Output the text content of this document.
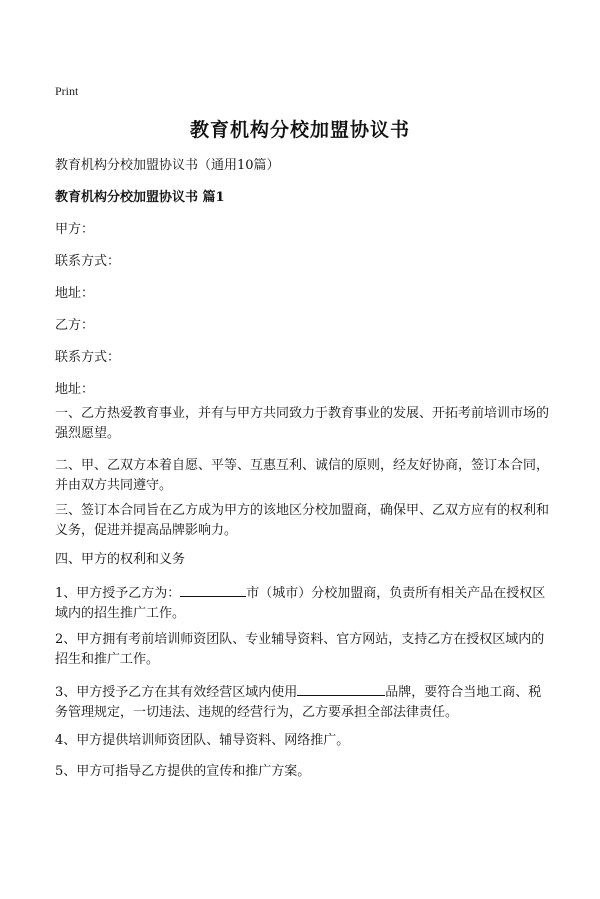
Print
教育机构分校加盟协议书
教育机构分校加盟协议书（通用10篇）
教育机构分校加盟协议书 篇1
甲方：
联系方式：
地址：
乙方：
联系方式：
地址：
一、乙方热爱教育事业，并有与甲方共同致力于教育事业的发展、开拓考前培训市场的强烈愿望。
二、甲、乙双方本着自愿、平等、互惠互利、诚信的原则，经友好协商，签订本合同，并由双方共同遵守。
三、签订本合同旨在乙方成为甲方的该地区分校加盟商，确保甲、乙双方应有的权利和义务，促进并提高品牌影响力。
四、甲方的权利和义务
1、甲方授予乙方为：	市（城市）分校加盟商，负责所有相关产品在授权区域内的招生推广工作。
2、甲方拥有考前培训师资团队、专业辅导资料、官方网站，支持乙方在授权区域内的招生和推广工作。
3、甲方授予乙方在其有效经营区域内使用	品牌，要符合当地工商、税务管理规定，一切违法、违规的经营行为，乙方要承担全部法律责任。
4、甲方提供培训师资团队、辅导资料、网络推广。
5、甲方可指导乙方提供的宣传和推广方案。
